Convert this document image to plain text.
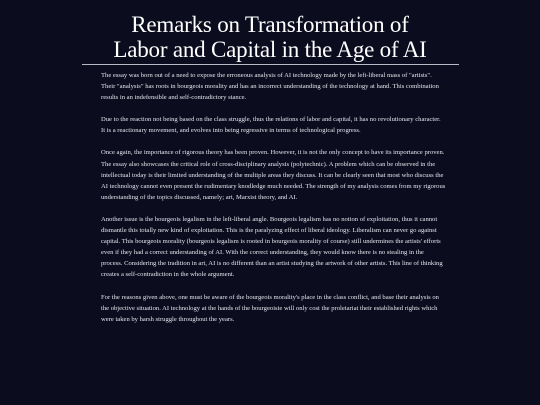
Remarks on Transformation of
Labor and Capital in the Age of AI

The essay was born out of a need to expose the erroneous analysis of AI technology made by the left-liberal mass of "artists". Their "analysis" has roots in bourgeois morality and has an incorrect understanding of the technology at hand. This combination results in an indefensible and self-contradictory stance.

Due to the reaction not being based on the class struggle, thus the relations of labor and capital, it has no revolutionary character. It is a reactionary movement, and evolves into being regressive in terms of technological progress.

Once again, the importance of rigorous theory has been proven. However, it is not the only concept to have its importance proven. The essay also showcases the critical role of cross-disciplinary analysis (polytechnic). A problem which can be observed in the intellectual today is their limited understanding of the multiple areas they discuss. It can be clearly seen that most who discuss the AI technology cannot even present the rudimentary knodledge much needed. The strength of my analysis comes from my rigorous understanding of the topics discussed, namely; art, Marxist theory, and AI.

Another issue is the bourgeois legalism in the left-liberal angle. Bourgeois legalism has no notion of exploitation, thus it cannot dismantle this totally new kind of exploitation. This is the paralyzing effect of liberal ideology. Liberalism can never go against capital. This bourgeois morality (bourgeois legalism is rooted in bourgeois morality of course) still undermines the artists' efforts even if they had a correct understanding of AI. With the correct understanding, they would know there is no stealing in the process. Considering the tradition in art, AI is no different than an artist studying the artwork of other artists. This line of thinking creates a self-contradiction in the whole argument.

For the reasons given above, one must be aware of the bourgeois morality's place in the class conflict, and base their analysis on the objective situation. AI technology at the hands of the bourgeoisie will only cost the proletariat their established rights which were taken by harsh struggle throughout the years.
